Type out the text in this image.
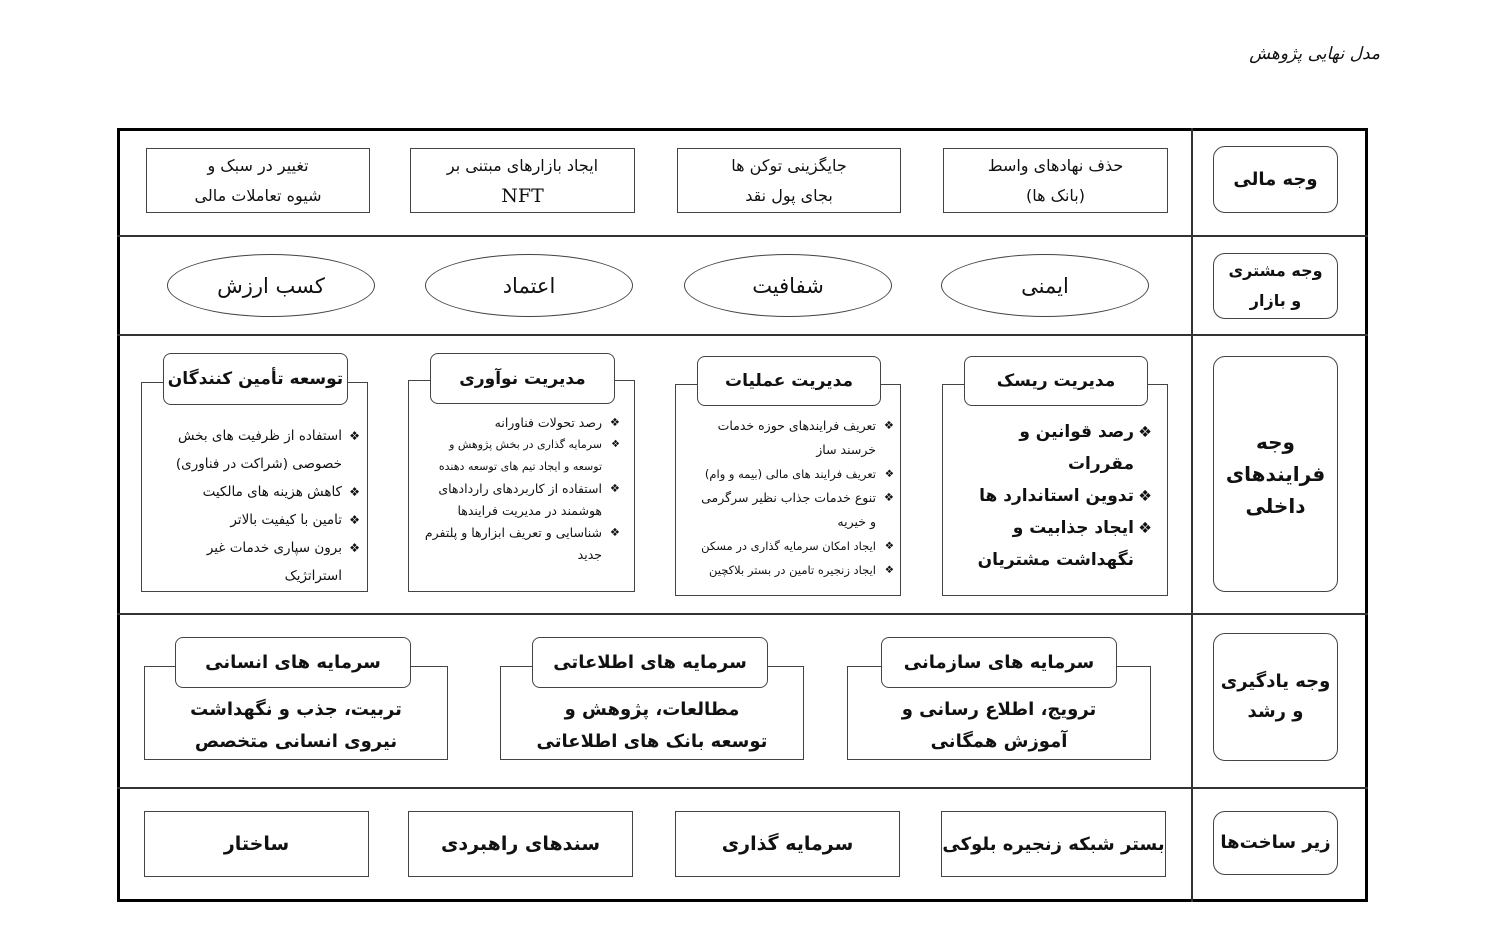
مدل نهایی پژوهش
وجه مالی
حذف نهادهای واسط
(بانک ها)
جایگزینی توکن ها
بجای پول نقد
ایجاد بازارهای مبتنی بر
NFT
تغییر در سبک و
شیوه تعاملات مالی
وجه مشتری
و بازار
ایمنی
شفافیت
اعتماد
کسب ارزش
وجه
فرایندهای
داخلی
مدیریت ریسک
❖ رصد قوانین و مقررات
❖ تدوین استاندارد ها
❖ ایجاد جذابیت و
نگهداشت مشتریان
مدیریت عملیات
❖ تعریف فرایندهای حوزه خدمات
خرسند ساز
❖ تعریف فرایند های مالی (بیمه و وام)
❖ تنوع خدمات جذاب نظیر سرگرمی
و خیریه
❖ ایجاد امکان سرمایه گذاری در مسکن
❖ ایجاد زنجیره تامین در بستر بلاکچین
مدیریت نوآوری
❖ رصد تحولات فناورانه
❖ سرمایه گذاری در بخش پژوهش و
توسعه و ایجاد تیم های توسعه دهنده
❖ استفاده از کاربردهای راردادهای
هوشمند در مدیریت فرایندها
❖ شناسایی و تعریف ابزارها و پلتفرم
جدید
توسعه تأمین کنندگان
❖ استفاده از ظرفیت های بخش
خصوصی (شراکت در فناوری)
❖ کاهش هزینه های مالکیت
❖ تامین با کیفیت بالاتر
❖ برون سپاری خدمات غیر
استراتژیک
وجه یادگیری
و رشد
سرمایه های سازمانی
ترویج، اطلاع رسانی و
آموزش همگانی
سرمایه های اطلاعاتی
مطالعات، پژوهش و
توسعه بانک های اطلاعاتی
سرمایه های انسانی
تربیت، جذب و نگهداشت
نیروی انسانی متخصص
زیر ساخت‌ها
بستر شبکه زنجیره بلوکی
سرمایه گذاری
سندهای راهبردی
ساختار
